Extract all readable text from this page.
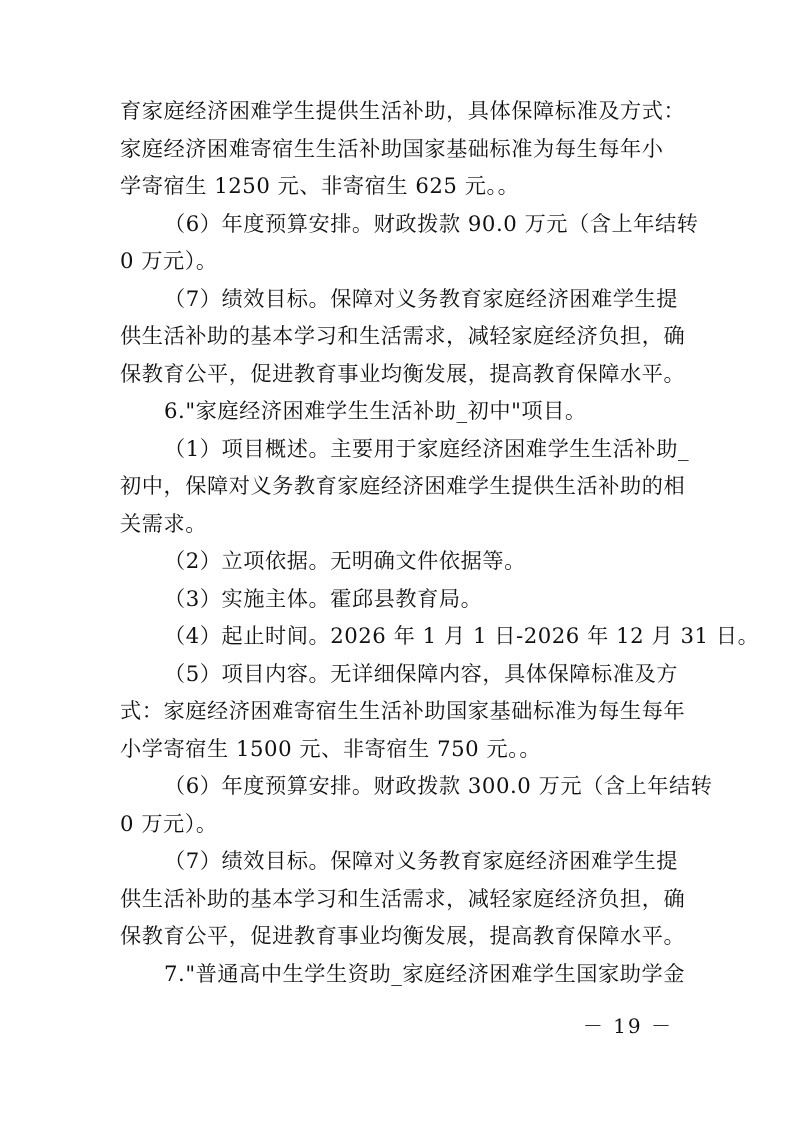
育家庭经济困难学生提供生活补助，具体保障标准及方式：
家庭经济困难寄宿生生活补助国家基础标准为每生每年小
学寄宿生 1250 元、非寄宿生 625 元。。
（6）年度预算安排。财政拨款 90.0 万元（含上年结转
0 万元）。
（7）绩效目标。保障对义务教育家庭经济困难学生提
供生活补助的基本学习和生活需求，减轻家庭经济负担，确
保教育公平，促进教育事业均衡发展，提高教育保障水平。
6."家庭经济困难学生生活补助_初中"项目。
（1）项目概述。主要用于家庭经济困难学生生活补助_
初中，保障对义务教育家庭经济困难学生提供生活补助的相
关需求。
（2）立项依据。无明确文件依据等。
（3）实施主体。霍邱县教育局。
（4）起止时间。2026 年 1 月 1 日-2026 年 12 月 31 日。
（5）项目内容。无详细保障内容，具体保障标准及方
式：家庭经济困难寄宿生生活补助国家基础标准为每生每年
小学寄宿生 1500 元、非寄宿生 750 元。。
（6）年度预算安排。财政拨款 300.0 万元（含上年结转
0 万元）。
（7）绩效目标。保障对义务教育家庭经济困难学生提
供生活补助的基本学习和生活需求，减轻家庭经济负担，确
保教育公平，促进教育事业均衡发展，提高教育保障水平。
7."普通高中生学生资助_家庭经济困难学生国家助学金
－ 19 －
